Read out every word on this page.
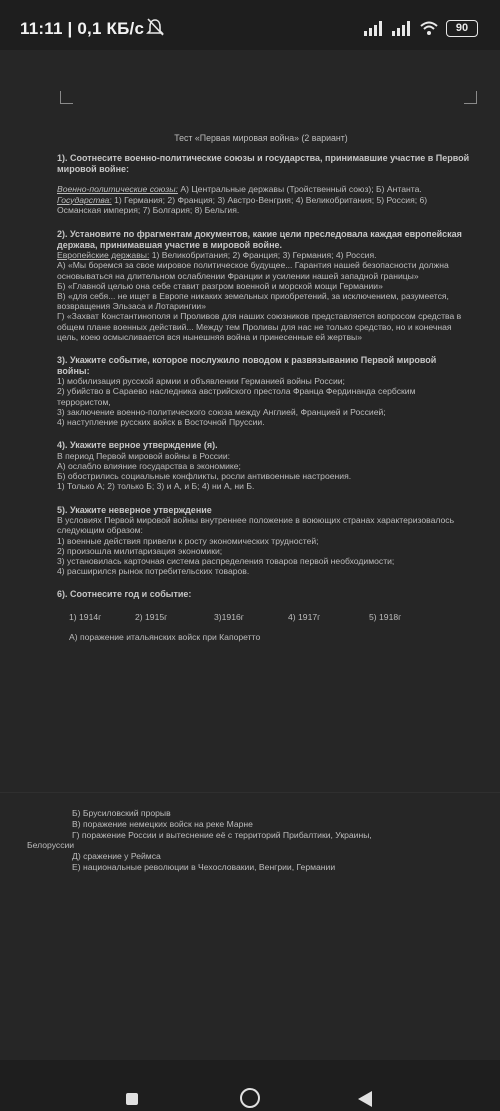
11:11 | 0,1 КБ/с	90
Тест «Первая мировая война» (2 вариант)
1). Соотнесите военно-политические союзы и государства, принимавшие участие в Первой мировой войне:
Военно-политические союзы: А) Центральные державы (Тройственный союз); Б) Антанта.
Государства: 1) Германия; 2) Франция; 3) Австро-Венгрия; 4) Великобритания; 5) Россия; 6) Османская империя; 7) Болгария; 8) Бельгия.
2). Установите по фрагментам документов, какие цели преследовала каждая европейская держава, принимавшая участие в мировой войне.
Европейские державы: 1) Великобритания; 2) Франция; 3) Германия; 4) Россия.
А) «Мы боремся за свое мировое политическое будущее... Гарантия нашей безопасности должна основываться на длительном ослаблении Франции и усилении нашей западной границы»
Б) «Главной целью она себе ставит разгром военной и морской мощи Германии»
В) «для себя... не ищет в Европе никаких земельных приобретений, за исключением, разумеется, возвращения Эльзаса и Лотарингии»
Г) «Захват Константинополя и Проливов для наших союзников представляется вопросом средства в общем плане военных действий... Между тем Проливы для нас не только средство, но и конечная цель, коею осмысливается вся нынешняя война и принесенные ей жертвы»
3). Укажите событие, которое послужило поводом к развязыванию Первой мировой войны:
1) мобилизация русской армии и объявлении Германией войны России;
2) убийство в Сараево наследника австрийского престола Франца Фердинанда сербским террористом,
3) заключение военно-политического союза между Англией, Францией и Россией;
4) наступление русских войск в Восточной Пруссии.
4). Укажите верное утверждение (я).
В период Первой мировой войны в России:
А) ослабло влияние государства в экономике;
Б) обострились социальные конфликты, росли антивоенные настроения.
1) Только А; 2) только Б; 3) и А, и Б; 4) ни А, ни Б.
5). Укажите неверное утверждение
В условиях Первой мировой войны внутреннее положение в воюющих странах характеризовалось следующим образом:
1) военные действия привели к росту экономических трудностей;
2) произошла милитаризация экономики;
3) установилась карточная система распределения товаров первой необходимости;
4) расширился рынок потребительских товаров.
6). Соотнесите год и событие:
1) 1914г	2) 1915г	3)1916г	4) 1917г	5) 1918г
А) поражение итальянских войск при Капоретто
Б) Брусиловский прорыв
В) поражение немецких войск на реке Марне
Г) поражение России и вытеснение её с территорий Прибалтики, Украины,
Белоруссии
Д) сражение у Реймса
Е) национальные революции в Чехословакии, Венгрии, Германии
